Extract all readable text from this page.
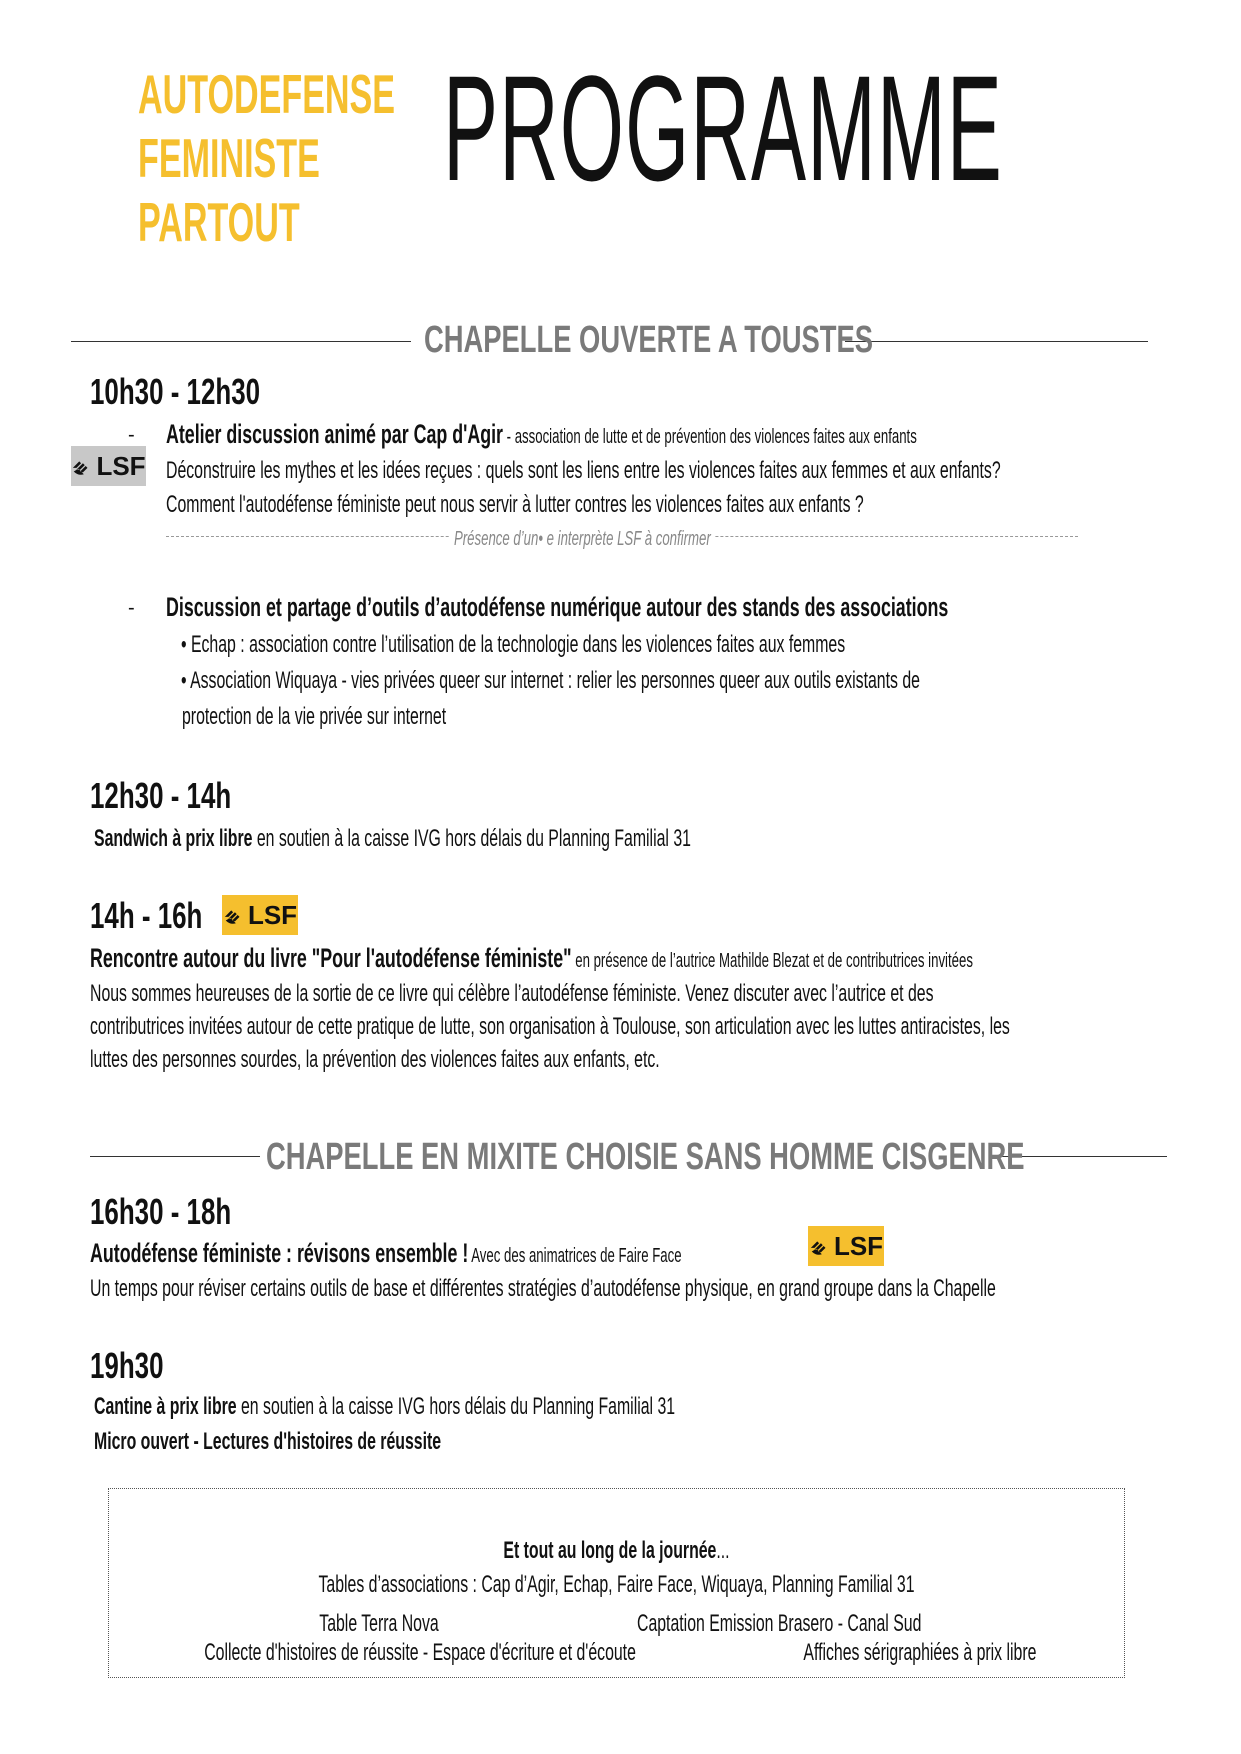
AUTODEFENSE
FEMINISTE
PARTOUT
PROGRAMME
CHAPELLE OUVERTE A TOUSTES
10h30 - 12h30
- Atelier discussion animé par Cap d'Agir - association de lutte et de prévention des violences faites aux enfants
LSF Déconstruire les mythes et les idées reçues : quels sont les liens entre les violences faites aux femmes et aux enfants?
Comment l'autodéfense féministe peut nous servir à lutter contres les violences faites aux enfants ?
Présence d’un• e interprète LSF à confirmer
- Discussion et partage d’outils d’autodéfense numérique autour des stands des associations
• Echap : association contre l’utilisation de la technologie dans les violences faites aux femmes
• Association Wiquaya - vies privées queer sur internet : relier les personnes queer aux outils existants de
protection de la vie privée sur internet
12h30 - 14h
Sandwich à prix libre en soutien à la caisse IVG hors délais du Planning Familial 31
14h - 16h LSF
Rencontre autour du livre "Pour l'autodéfense féministe" en présence de l’autrice Mathilde Blezat et de contributrices invitées
Nous sommes heureuses de la sortie de ce livre qui célèbre l’autodéfense féministe. Venez discuter avec l’autrice et des
contributrices invitées autour de cette pratique de lutte, son organisation à Toulouse, son articulation avec les luttes antiracistes, les
luttes des personnes sourdes, la prévention des violences faites aux enfants, etc.
CHAPELLE EN MIXITE CHOISIE SANS HOMME CISGENRE
16h30 - 18h
Autodéfense féministe : révisons ensemble ! Avec des animatrices de Faire Face	LSF
Un temps pour réviser certains outils de base et différentes stratégies d’autodéfense physique, en grand groupe dans la Chapelle
19h30
Cantine à prix libre en soutien à la caisse IVG hors délais du Planning Familial 31
Micro ouvert - Lectures d'histoires de réussite
Et tout au long de la journée...
Tables d’associations : Cap d’Agir, Echap, Faire Face, Wiquaya, Planning Familial 31
Table Terra Nova	Captation Emission Brasero - Canal Sud
Collecte d'histoires de réussite - Espace d'écriture et d'écoute	Affiches sérigraphiées à prix libre
